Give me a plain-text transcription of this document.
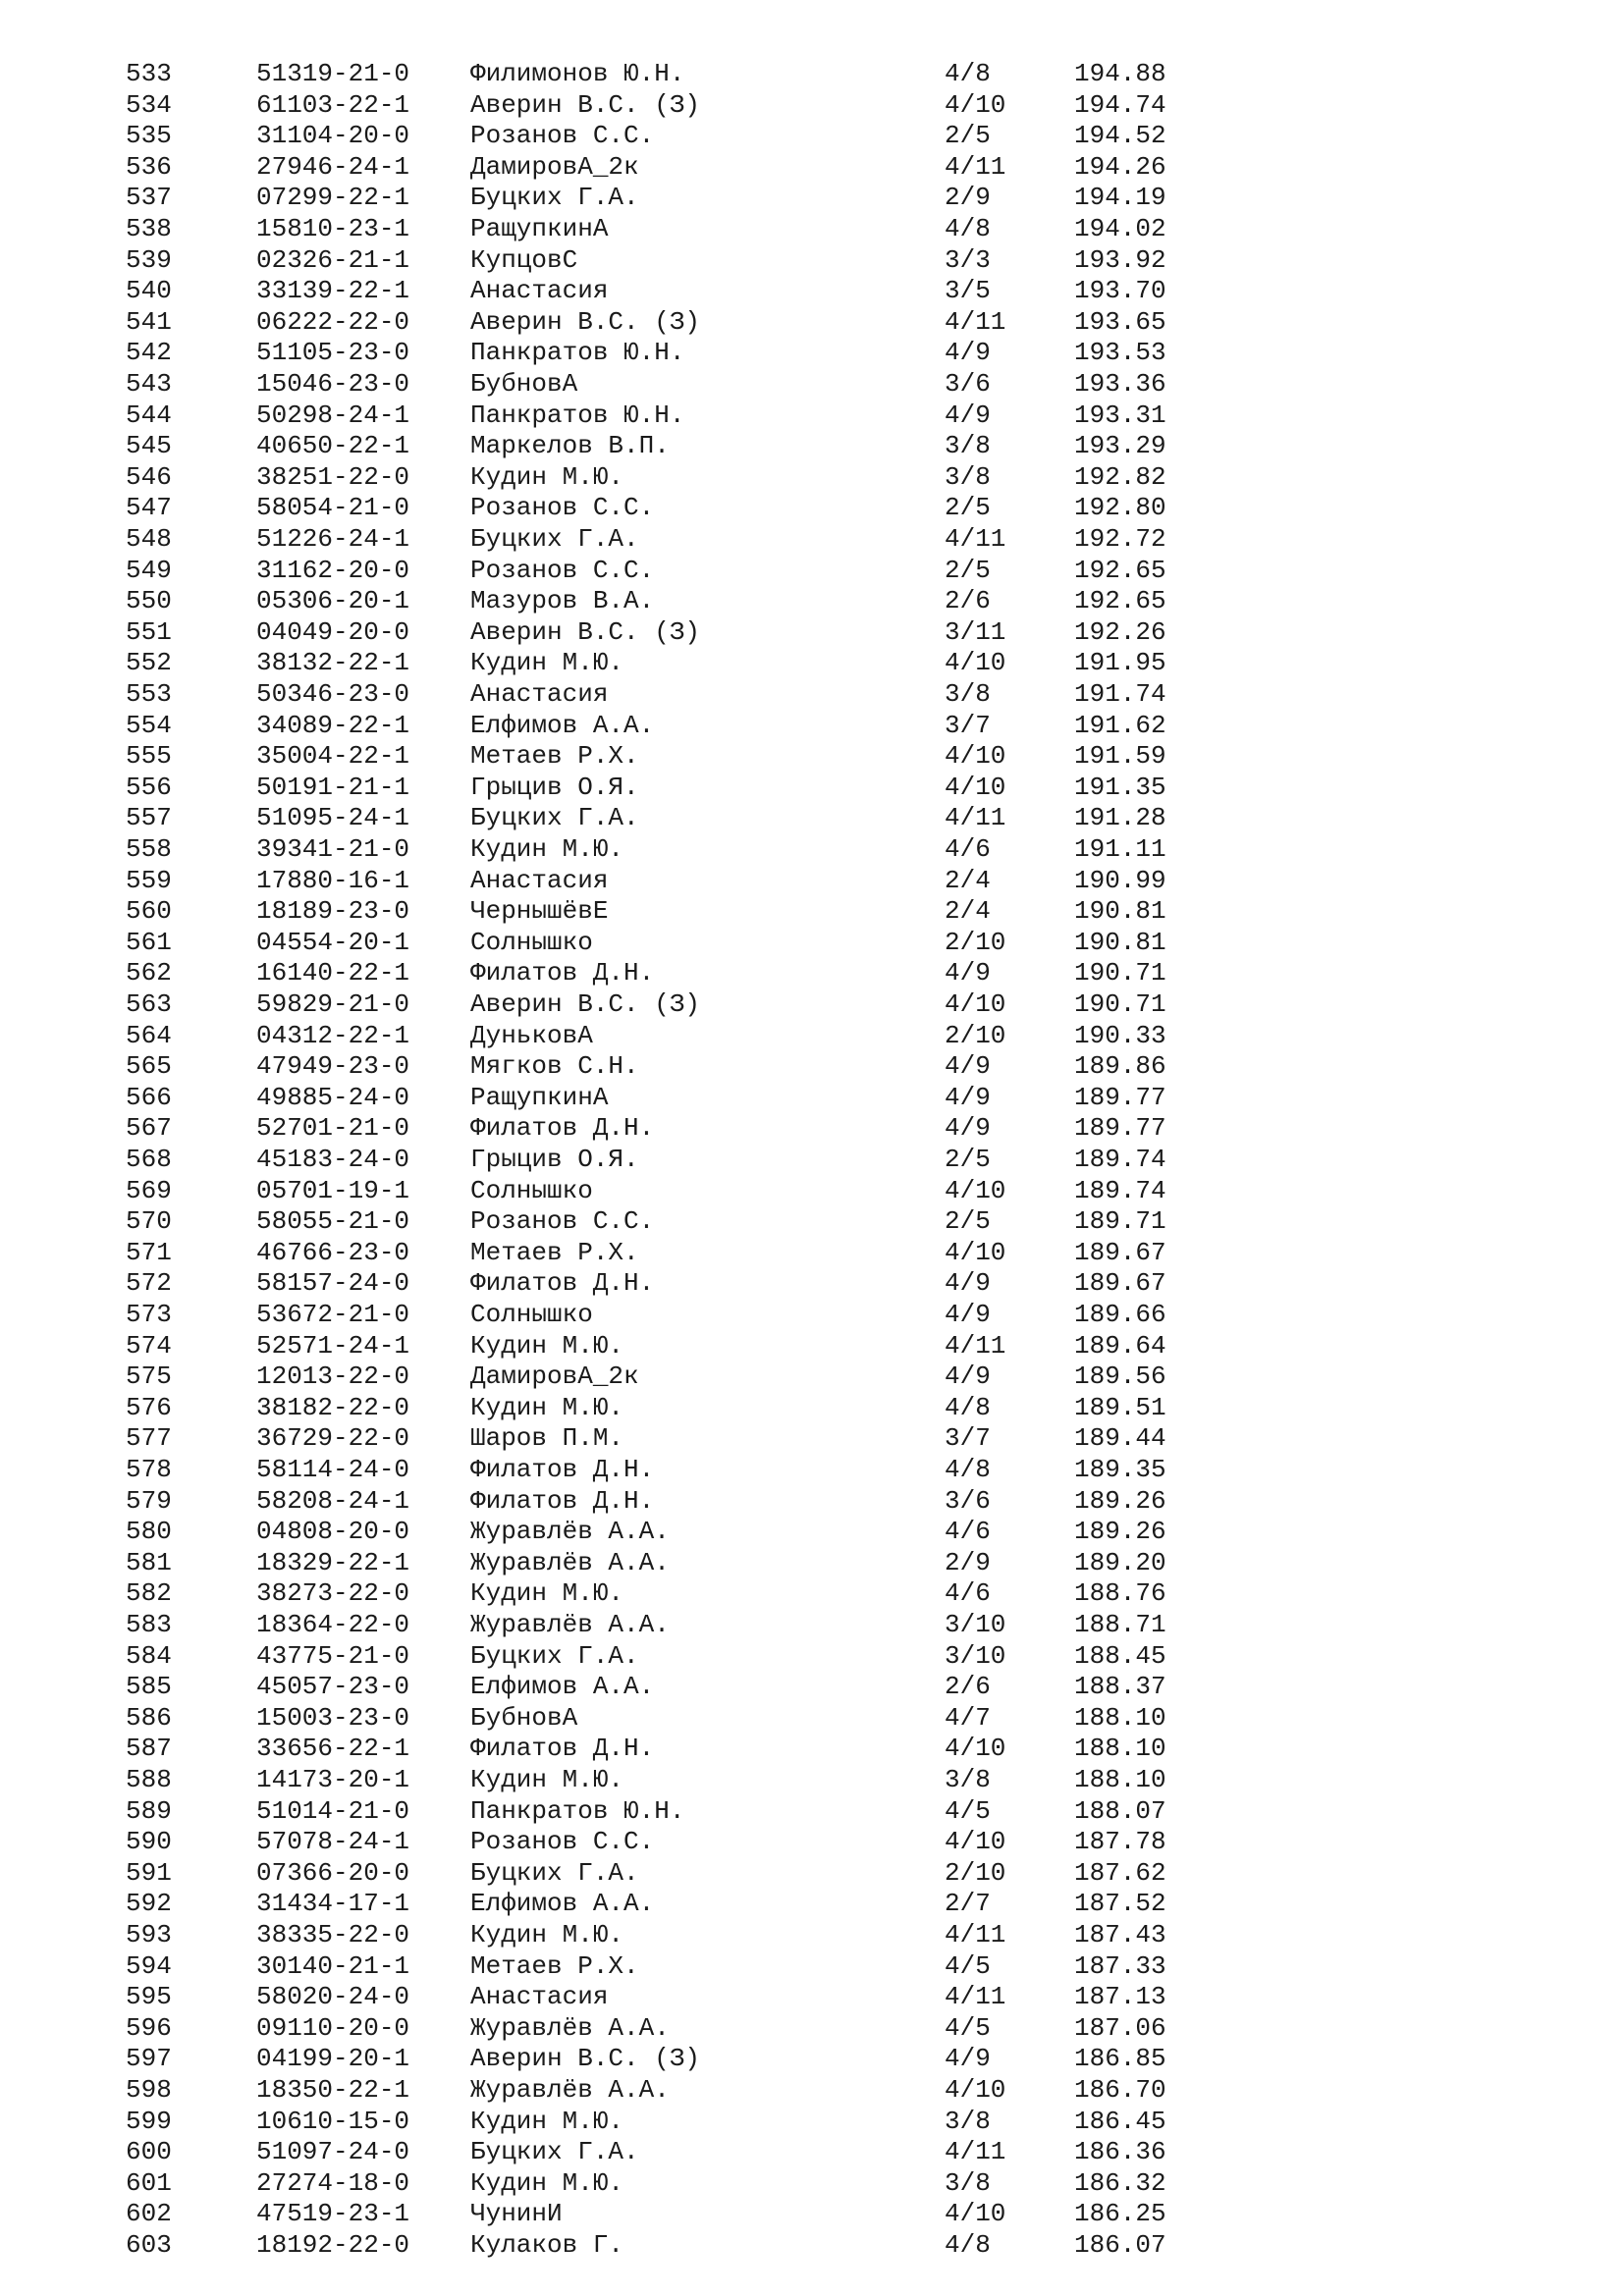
533	51319-21-0 Филимонов Ю.Н.	4/8	194.88
534	61103-22-1 Аверин В.С. (З)	4/10	194.74
535	31104-20-0 Розанов С.С.	2/5	194.52
536	27946-24-1 ДамировА_2к	4/11	194.26
537	07299-22-1 Буцких Г.А.	2/9	194.19
538	15810-23-1 РащупкинА	4/8	194.02
539	02326-21-1 КупцовС	3/3	193.92
540	33139-22-1 Анастасия	3/5	193.70
541	06222-22-0 Аверин В.С. (З)	4/11	193.65
542	51105-23-0 Панкратов Ю.Н.	4/9	193.53
543	15046-23-0 БубновА	3/6	193.36
544	50298-24-1 Панкратов Ю.Н.	4/9	193.31
545	40650-22-1 Маркелов В.П.	3/8	193.29
546	38251-22-0 Кудин М.Ю.	3/8	192.82
547	58054-21-0 Розанов С.С.	2/5	192.80
548	51226-24-1 Буцких Г.А.	4/11	192.72
549	31162-20-0 Розанов С.С.	2/5	192.65
550	05306-20-1 Мазуров В.А.	2/6	192.65
551	04049-20-0 Аверин В.С. (З)	3/11	192.26
552	38132-22-1 Кудин М.Ю.	4/10	191.95
553	50346-23-0 Анастасия	3/8	191.74
554	34089-22-1 Елфимов А.А.	3/7	191.62
555	35004-22-1 Метаев Р.Х.	4/10	191.59
556	50191-21-1 Грыцив О.Я.	4/10	191.35
557	51095-24-1 Буцких Г.А.	4/11	191.28
558	39341-21-0 Кудин М.Ю.	4/6	191.11
559	17880-16-1 Анастасия	2/4	190.99
560	18189-23-0 ЧернышёвЕ	2/4	190.81
561	04554-20-1 Солнышко	2/10	190.81
562	16140-22-1 Филатов Д.Н.	4/9	190.71
563	59829-21-0 Аверин В.С. (З)	4/10	190.71
564	04312-22-1 ДуньковА	2/10	190.33
565	47949-23-0 Мягков С.Н.	4/9	189.86
566	49885-24-0 РащупкинА	4/9	189.77
567	52701-21-0 Филатов Д.Н.	4/9	189.77
568	45183-24-0 Грыцив О.Я.	2/5	189.74
569	05701-19-1 Солнышко	4/10	189.74
570	58055-21-0 Розанов С.С.	2/5	189.71
571	46766-23-0 Метаев Р.Х.	4/10	189.67
572	58157-24-0 Филатов Д.Н.	4/9	189.67
573	53672-21-0 Солнышко	4/9	189.66
574	52571-24-1 Кудин М.Ю.	4/11	189.64
575	12013-22-0 ДамировА_2к	4/9	189.56
576	38182-22-0 Кудин М.Ю.	4/8	189.51
577	36729-22-0 Шаров П.М.	3/7	189.44
578	58114-24-0 Филатов Д.Н.	4/8	189.35
579	58208-24-1 Филатов Д.Н.	3/6	189.26
580	04808-20-0 Журавлёв А.А.	4/6	189.26
581	18329-22-1 Журавлёв А.А.	2/9	189.20
582	38273-22-0 Кудин М.Ю.	4/6	188.76
583	18364-22-0 Журавлёв А.А.	3/10	188.71
584	43775-21-0 Буцких Г.А.	3/10	188.45
585	45057-23-0 Елфимов А.А.	2/6	188.37
586	15003-23-0 БубновА	4/7	188.10
587	33656-22-1 Филатов Д.Н.	4/10	188.10
588	14173-20-1 Кудин М.Ю.	3/8	188.10
589	51014-21-0 Панкратов Ю.Н.	4/5	188.07
590	57078-24-1 Розанов С.С.	4/10	187.78
591	07366-20-0 Буцких Г.А.	2/10	187.62
592	31434-17-1 Елфимов А.А.	2/7	187.52
593	38335-22-0 Кудин М.Ю.	4/11	187.43
594	30140-21-1 Метаев Р.Х.	4/5	187.33
595	58020-24-0 Анастасия	4/11	187.13
596	09110-20-0 Журавлёв А.А.	4/5	187.06
597	04199-20-1 Аверин В.С. (З)	4/9	186.85
598	18350-22-1 Журавлёв А.А.	4/10	186.70
599	10610-15-0 Кудин М.Ю.	3/8	186.45
600	51097-24-0 Буцких Г.А.	4/11	186.36
601	27274-18-0 Кудин М.Ю.	3/8	186.32
602	47519-23-1 ЧунинИ	4/10	186.25
603	18192-22-0 Кулаков Г.	4/8	186.07
